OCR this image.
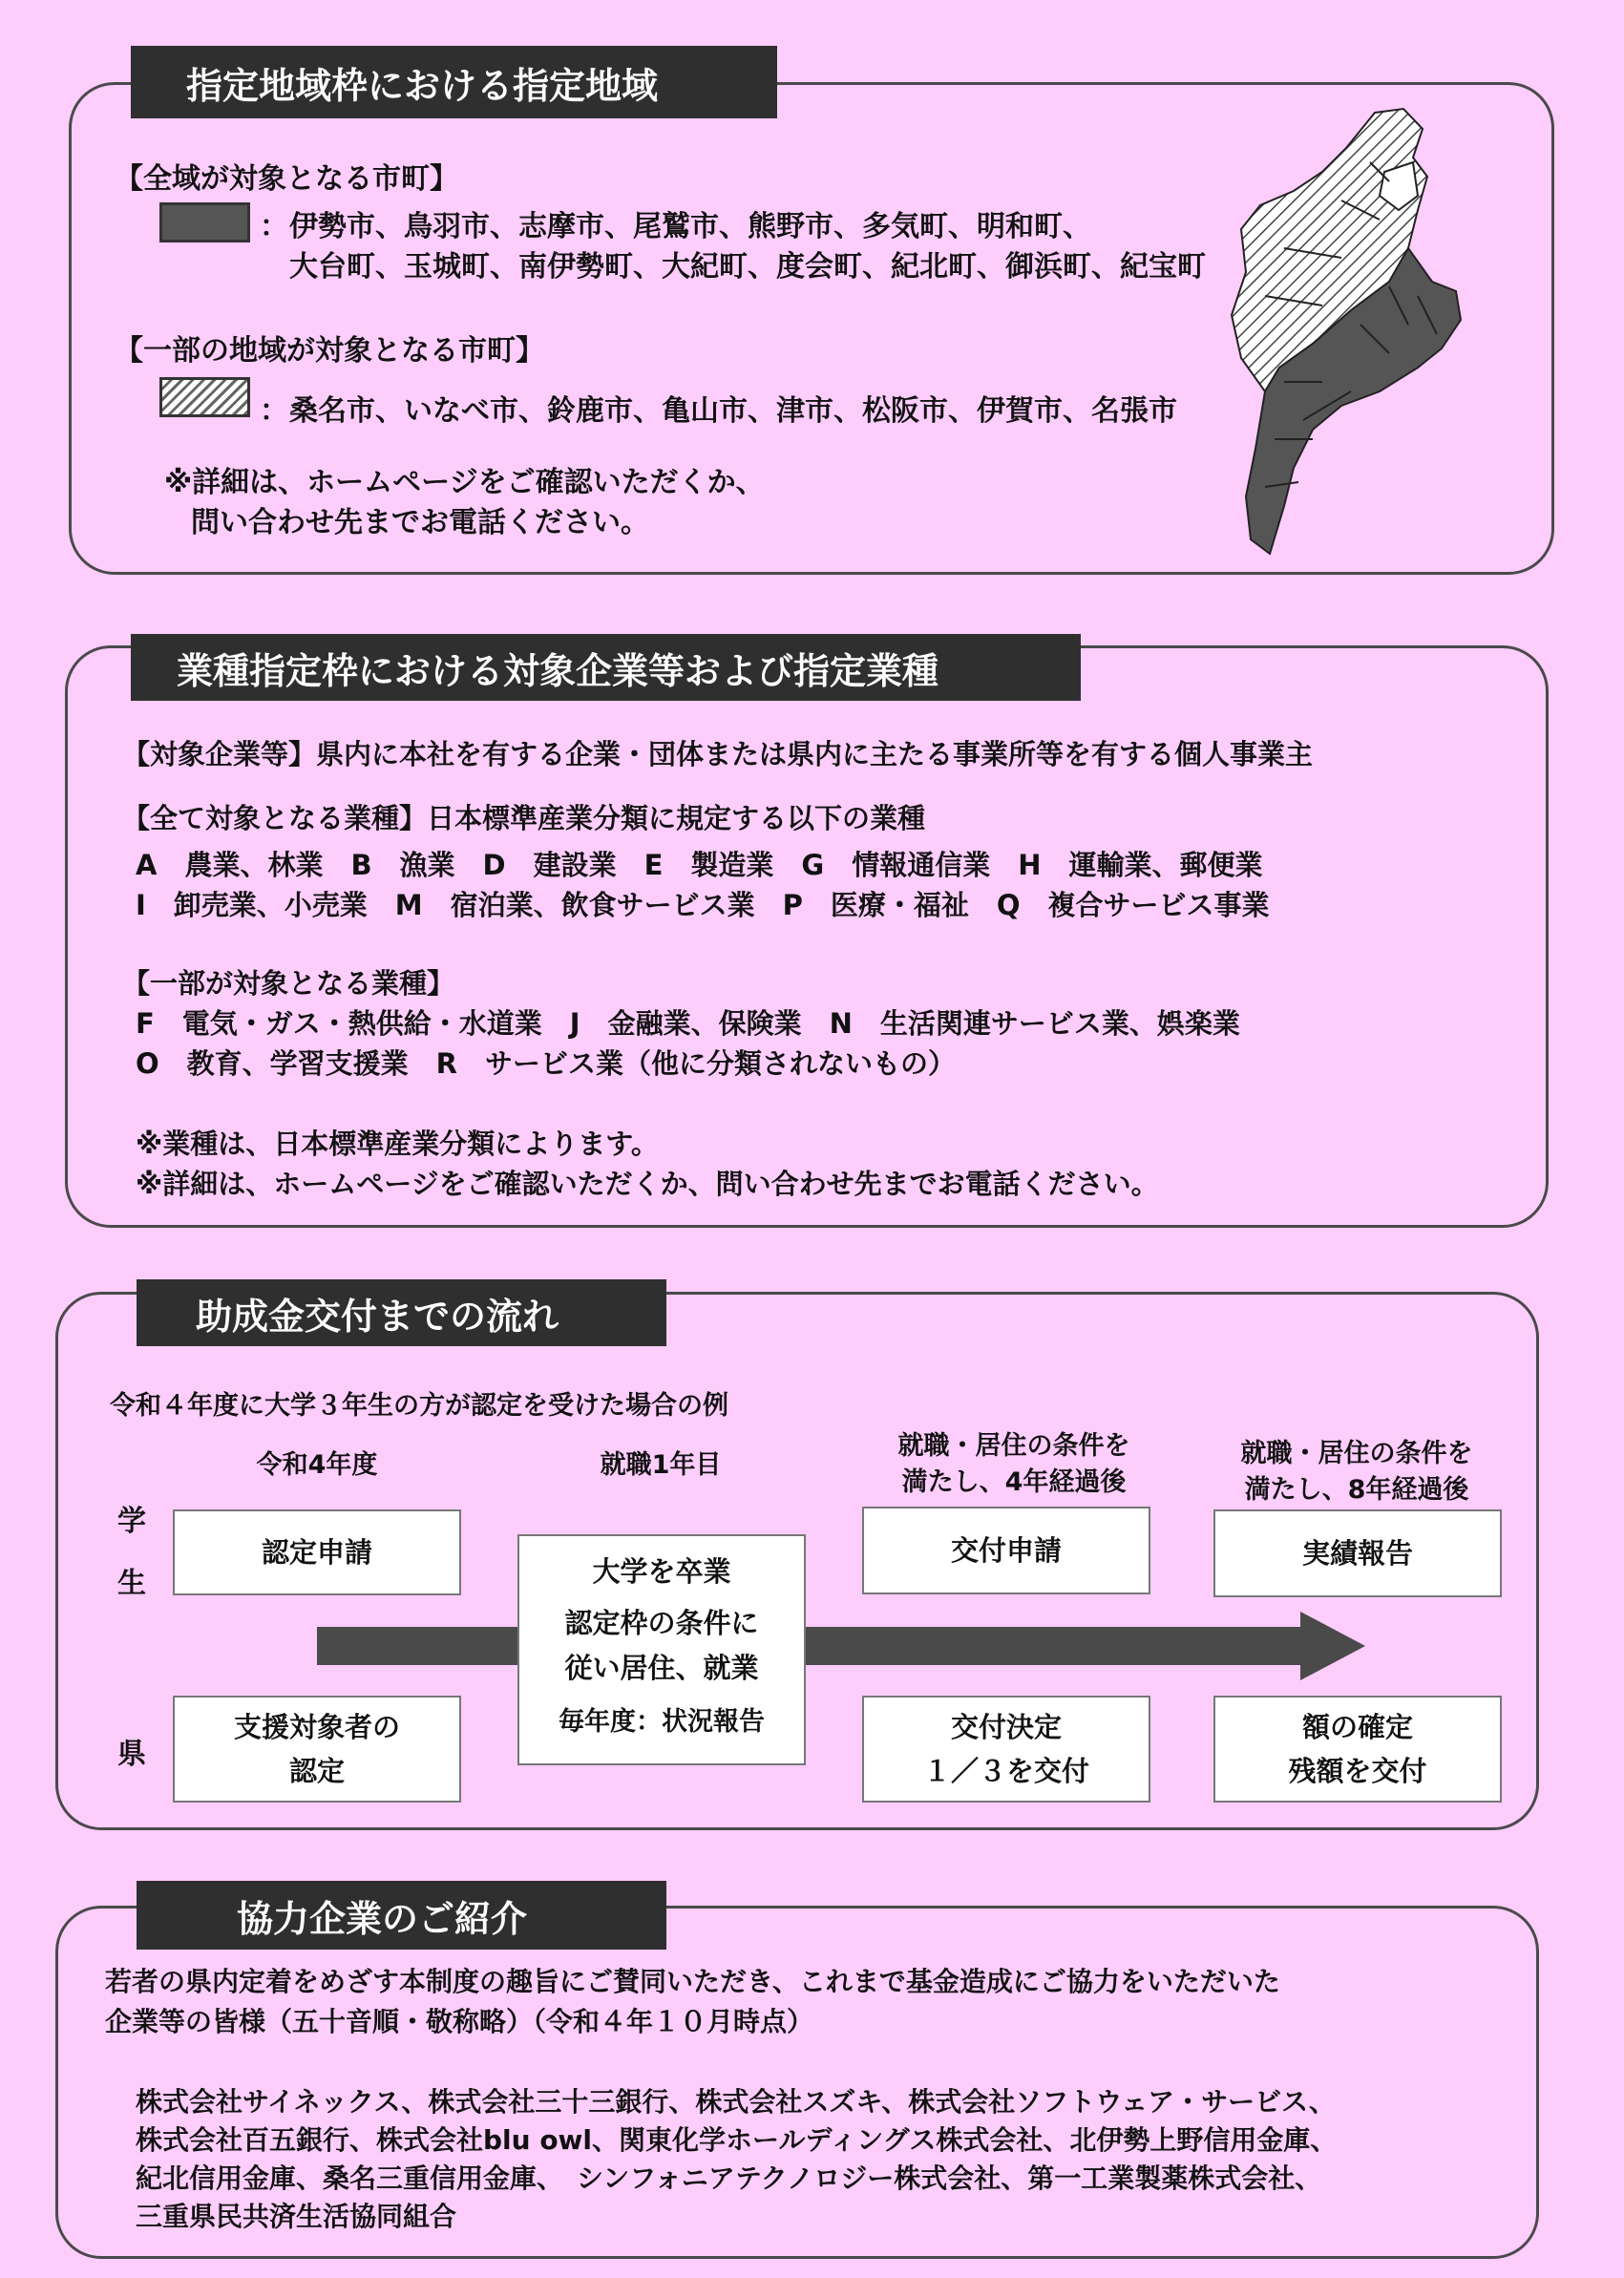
指定地域枠における指定地域
【全域が対象となる市町】
： 伊勢市、鳥羽市、志摩市、尾鷲市、熊野市、多気町、明和町、
大台町、玉城町、南伊勢町、大紀町、度会町、紀北町、御浜町、紀宝町
【一部の地域が対象となる市町】
： 桑名市、いなべ市、鈴鹿市、亀山市、津市、松阪市、伊賀市、名張市
※詳細は、ホームページをご確認いただくか、
問い合わせ先までお電話ください。
業種指定枠における対象企業等および指定業種
【対象企業等】県内に本社を有する企業・団体または県内に主たる事業所等を有する個人事業主
【全て対象となる業種】日本標準産業分類に規定する以下の業種
A　農業、林業　B　漁業　D　建設業　E　製造業　G　情報通信業　H　運輸業、郵便業
I　卸売業、小売業　M　宿泊業、飲食サービス業　P　医療・福祉　Q　複合サービス事業
【一部が対象となる業種】
F　電気・ガス・熱供給・水道業　J　金融業、保険業　N　生活関連サービス業、娯楽業
O　教育、学習支援業　R　サービス業（他に分類されないもの）
※業種は、日本標準産業分類によります。
※詳細は、ホームページをご確認いただくか、問い合わせ先までお電話ください。
助成金交付までの流れ
令和４年度に大学３年生の方が認定を受けた場合の例
令和4年度	就職1年目
就職・居住の条件を
満たし、4年経過後
就職・居住の条件を
満たし、8年経過後
学
生
県
認定申請
大学を卒業
認定枠の条件に
従い居住、就業
毎年度：状況報告
交付申請	実績報告
支援対象者の
認定
交付決定
１／３を交付
額の確定
残額を交付
協力企業のご紹介
若者の県内定着をめざす本制度の趣旨にご賛同いただき、これまで基金造成にご協力をいただいた
企業等の皆様（五十音順・敬称略）（令和４年１０月時点）
株式会社サイネックス、株式会社三十三銀行、株式会社スズキ、株式会社ソフトウェア・サービス、
株式会社百五銀行、株式会社blu owl、関東化学ホールディングス株式会社、北伊勢上野信用金庫、
紀北信用金庫、桑名三重信用金庫、　シンフォニアテクノロジー株式会社、第一工業製薬株式会社、
三重県民共済生活協同組合
